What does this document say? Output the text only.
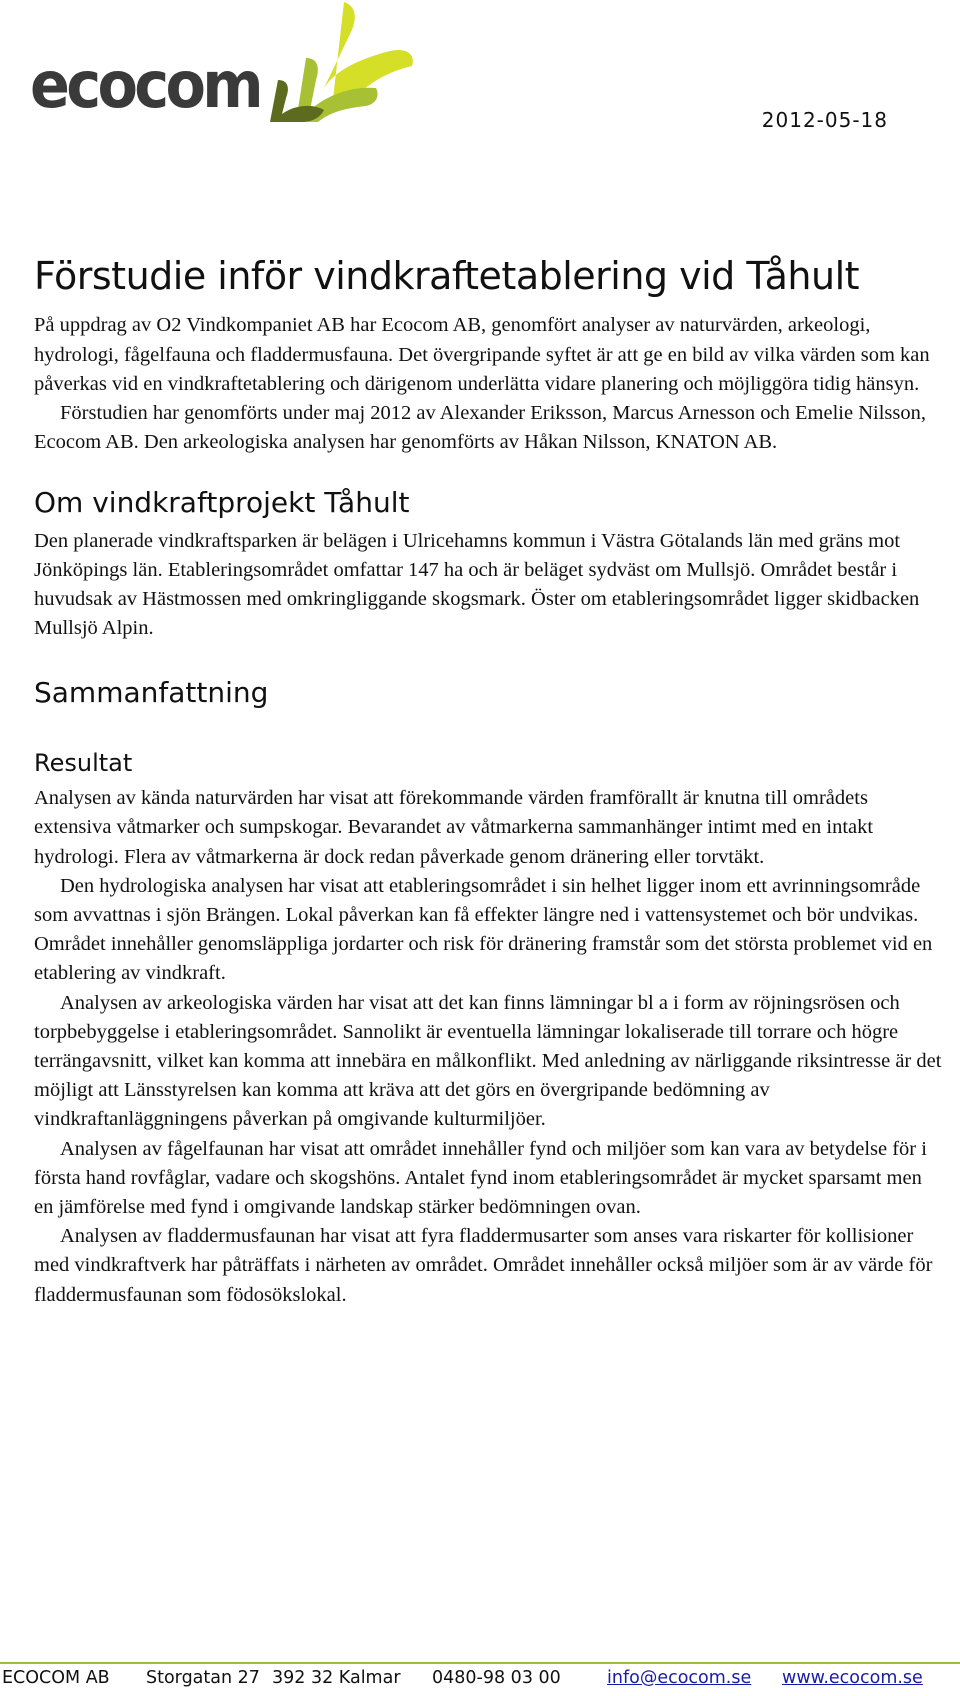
ecocom	2012-05-18
Förstudie inför vindkraftetablering vid Tåhult

På uppdrag av O2 Vindkompaniet AB har Ecocom AB, genomfört analyser av naturvärden, arkeologi, hydrologi, fågelfauna och fladdermusfauna. Det övergripande syftet är att ge en bild av vilka värden som kan påverkas vid en vindkraftetablering och därigenom underlätta vidare planering och möjliggöra tidig hänsyn.

Förstudien har genomförts under maj 2012 av Alexander Eriksson, Marcus Arnesson och Emelie Nilsson, Ecocom AB. Den arkeologiska analysen har genomförts av Håkan Nilsson, KNATON AB.

Om vindkraftprojekt Tåhult

Den planerade vindkraftsparken är belägen i Ulricehamns kommun i Västra Götalands län med gräns mot Jönköpings län. Etableringsområdet omfattar 147 ha och är beläget sydväst om Mullsjö. Området består i huvudsak av Hästmossen med omkringliggande skogsmark. Öster om etableringsområdet ligger skidbacken Mullsjö Alpin.

Sammanfattning
Resultat

Analysen av kända naturvärden har visat att förekommande värden framförallt är knutna till områdets extensiva våtmarker och sumpskogar. Bevarandet av våtmarkerna sammanhänger intimt med en intakt hydrologi. Flera av våtmarkerna är dock redan påverkade genom dränering eller torvtäkt.

Den hydrologiska analysen har visat att etableringsområdet i sin helhet ligger inom ett avrinningsområde som avvattnas i sjön Brängen. Lokal påverkan kan få effekter längre ned i vattensystemet och bör undvikas. Området innehåller genomsläppliga jordarter och risk för dränering framstår som det största problemet vid en etablering av vindkraft.

Analysen av arkeologiska värden har visat att det kan finns lämningar bl a i form av röjningsrösen och torpbebyggelse i etableringsområdet. Sannolikt är eventuella lämningar lokaliserade till torrare och högre terrängavsnitt, vilket kan komma att innebära en målkonflikt. Med anledning av närliggande riksintresse är det möjligt att Länsstyrelsen kan komma att kräva att det görs en övergripande bedömning av vindkraftanläggningens påverkan på omgivande kulturmiljöer.

Analysen av fågelfaunan har visat att området innehåller fynd och miljöer som kan vara av betydelse för i första hand rovfåglar, vadare och skogshöns. Antalet fynd inom etableringsområdet är mycket sparsamt men en jämförelse med fynd i omgivande landskap stärker bedömningen ovan.

Analysen av fladdermusfaunan har visat att fyra fladdermusarter som anses vara riskarter för kollisioner med vindkraftverk har påträffats i närheten av området. Området innehåller också miljöer som är av värde för fladdermusfaunan som födosökslokal.

ECOCOM AB Storgatan 27 392 32 Kalmar 0480-98 03 00	info@ecocom.se www.ecocom.se
